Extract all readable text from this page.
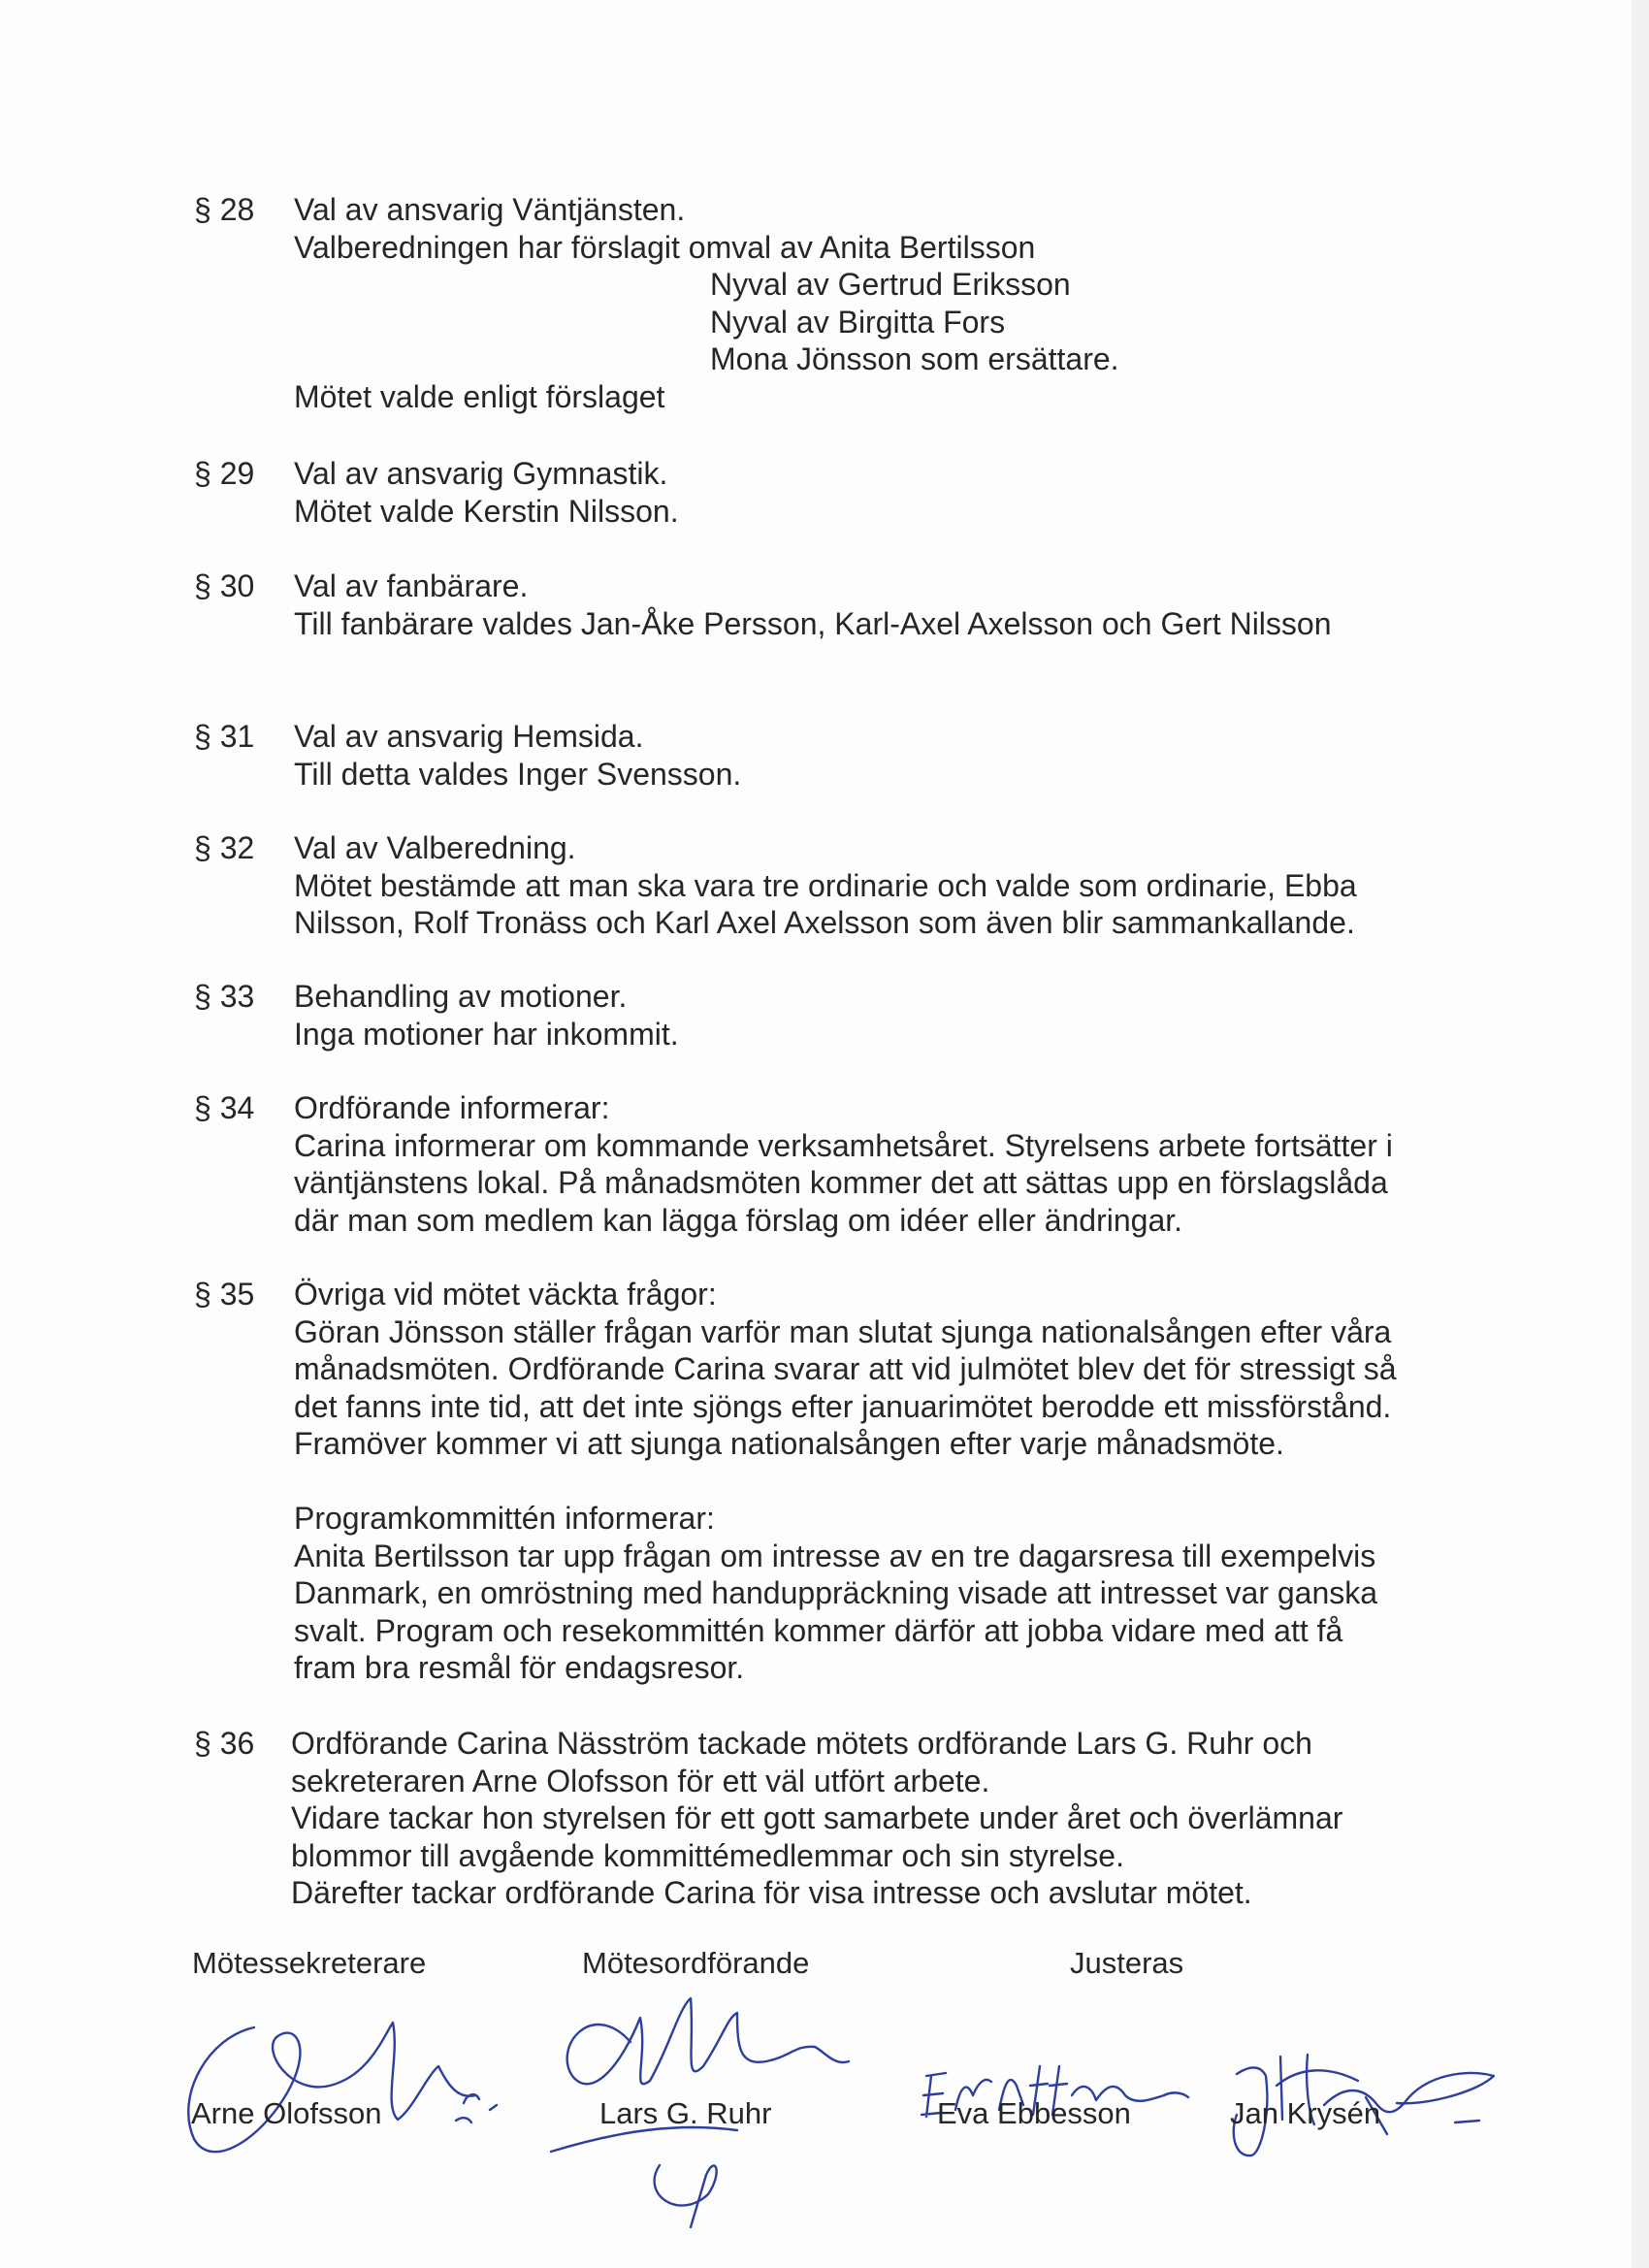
§ 28 Val av ansvarig Väntjänsten.
Valberedningen har förslagit omval av Anita Bertilsson
Nyval av Gertrud Eriksson
Nyval av Birgitta Fors
Mona Jönsson som ersättare.
Mötet valde enligt förslaget
§ 29 Val av ansvarig Gymnastik.
Mötet valde Kerstin Nilsson.
§ 30 Val av fanbärare.
Till fanbärare valdes Jan-Åke Persson, Karl-Axel Axelsson och Gert Nilsson
§ 31 Val av ansvarig Hemsida.
Till detta valdes Inger Svensson.
§ 32 Val av Valberedning.
Mötet bestämde att man ska vara tre ordinarie och valde som ordinarie, Ebba
Nilsson, Rolf Tronäss och Karl Axel Axelsson som även blir sammankallande.
§ 33 Behandling av motioner.
Inga motioner har inkommit.
§ 34 Ordförande informerar:
Carina informerar om kommande verksamhetsåret. Styrelsens arbete fortsätter i
väntjänstens lokal. På månadsmöten kommer det att sättas upp en förslagslåda
där man som medlem kan lägga förslag om idéer eller ändringar.
§ 35 Övriga vid mötet väckta frågor:
Göran Jönsson ställer frågan varför man slutat sjunga nationalsången efter våra
månadsmöten. Ordförande Carina svarar att vid julmötet blev det för stressigt så
det fanns inte tid, att det inte sjöngs efter januarimötet berodde ett missförstånd.
Framöver kommer vi att sjunga nationalsången efter varje månadsmöte.
Programkommittén informerar:
Anita Bertilsson tar upp frågan om intresse av en tre dagarsresa till exempelvis
Danmark, en omröstning med handuppräckning visade att intresset var ganska
svalt. Program och resekommittén kommer därför att jobba vidare med att få
fram bra resmål för endagsresor.
§ 36 Ordförande Carina Näsström tackade mötets ordförande Lars G. Ruhr och
sekreteraren Arne Olofsson för ett väl utfört arbete.
Vidare tackar hon styrelsen för ett gott samarbete under året och överlämnar
blommor till avgående kommittémedlemmar och sin styrelse.
Därefter tackar ordförande Carina för visa intresse och avslutar mötet.
Mötessekreterare	Mötesordförande	Justeras
Arne Olofsson	Lars G. Ruhr	Eva Ebbesson	Jan Krysén
